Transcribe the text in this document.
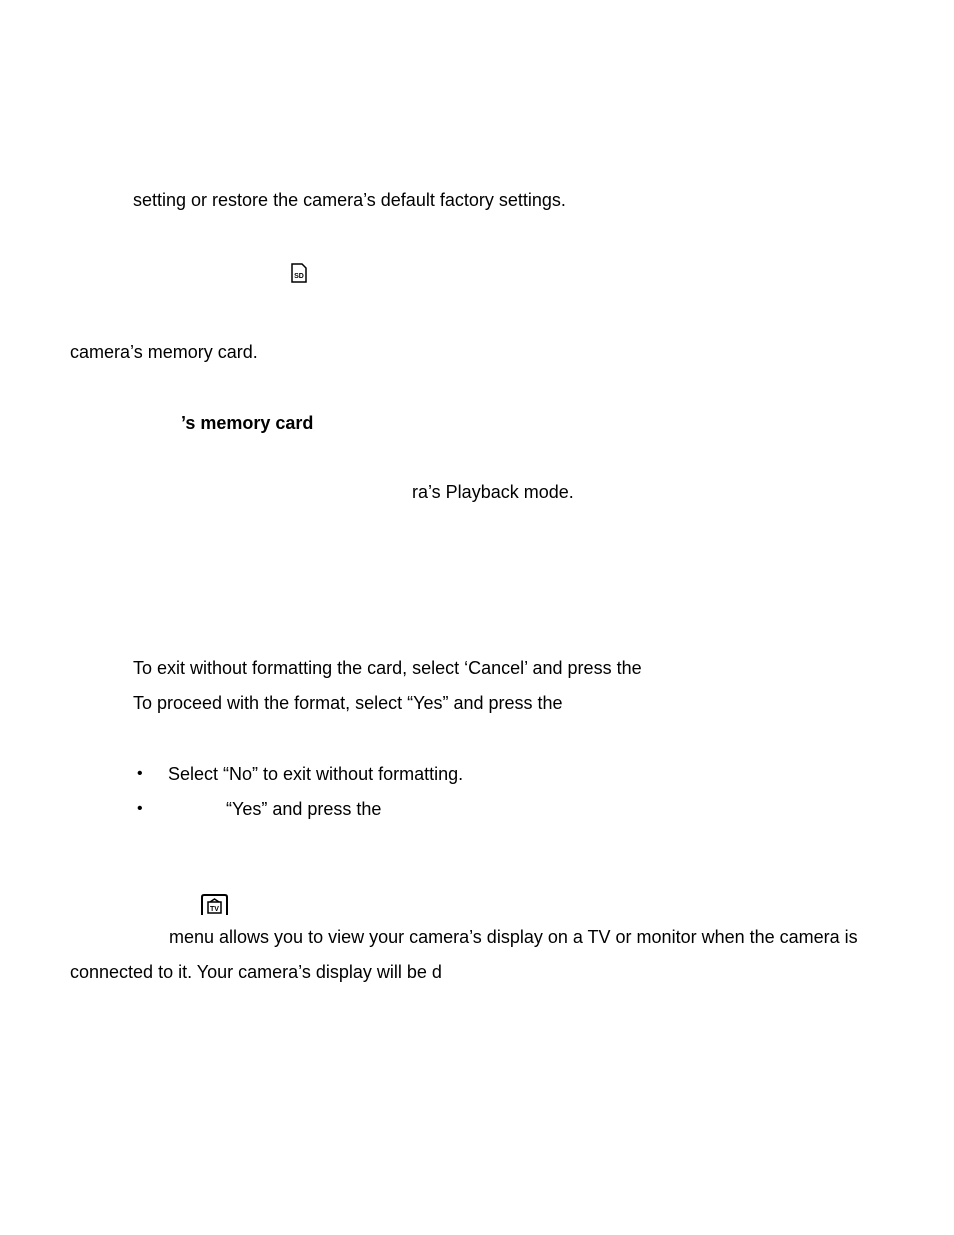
setting or restore the camera’s default factory settings.
SD
camera’s memory card.
’s memory card
ra’s Playback mode.
To exit without formatting the card, select ‘Cancel’ and press the
To proceed with the format, select “Yes” and press the
• Select “No” to exit without formatting.
•	“Yes” and press the
TV
menu allows you to view your camera’s display on a TV or monitor when the camera is
connected to it. Your camera’s display will be d
